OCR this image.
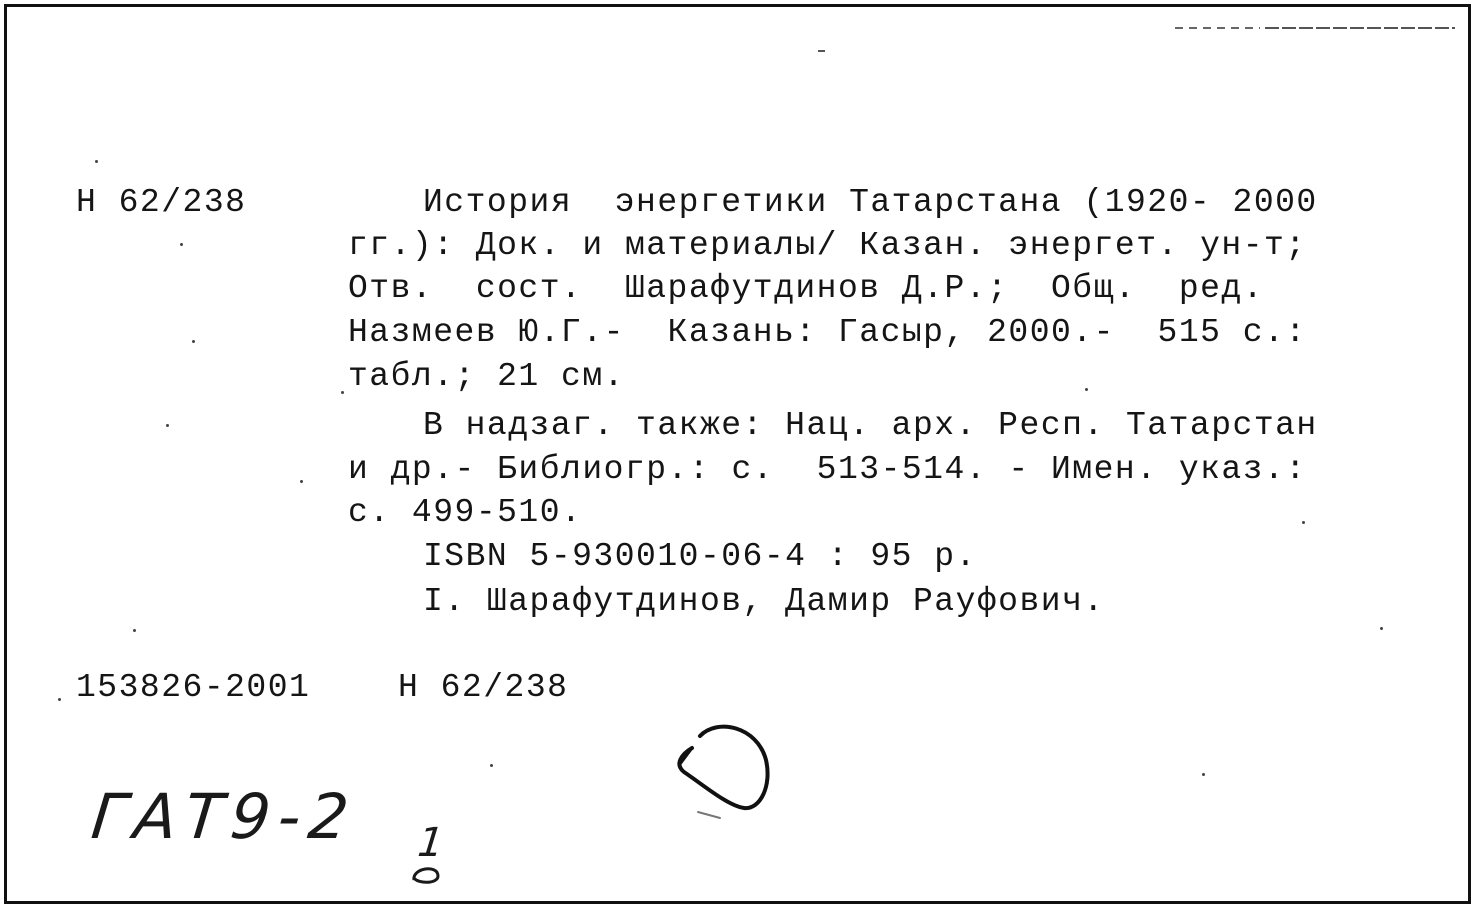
Н 62/238	История  энергетики Татарстана (1920- 2000
гг.): Док. и материалы/ Казан. энергет. ун-т;
Отв.  сост.  Шарафутдинов Д.Р.;  Общ.  ред.
Назмеев Ю.Г.-  Казань: Гасыр, 2000.-  515 с.:
табл.; 21 см.
В надзаг. также: Нац. арх. Респ. Татарстан
и др.- Библиогр.: с.  513-514. - Имен. указ.:
с. 499-510.
ISBN 5-930010-06-4 : 95 р.
I. Шарафутдинов, Дамир Рауфович.
153826-2001	Н 62/238
ГАТ9-2 1
